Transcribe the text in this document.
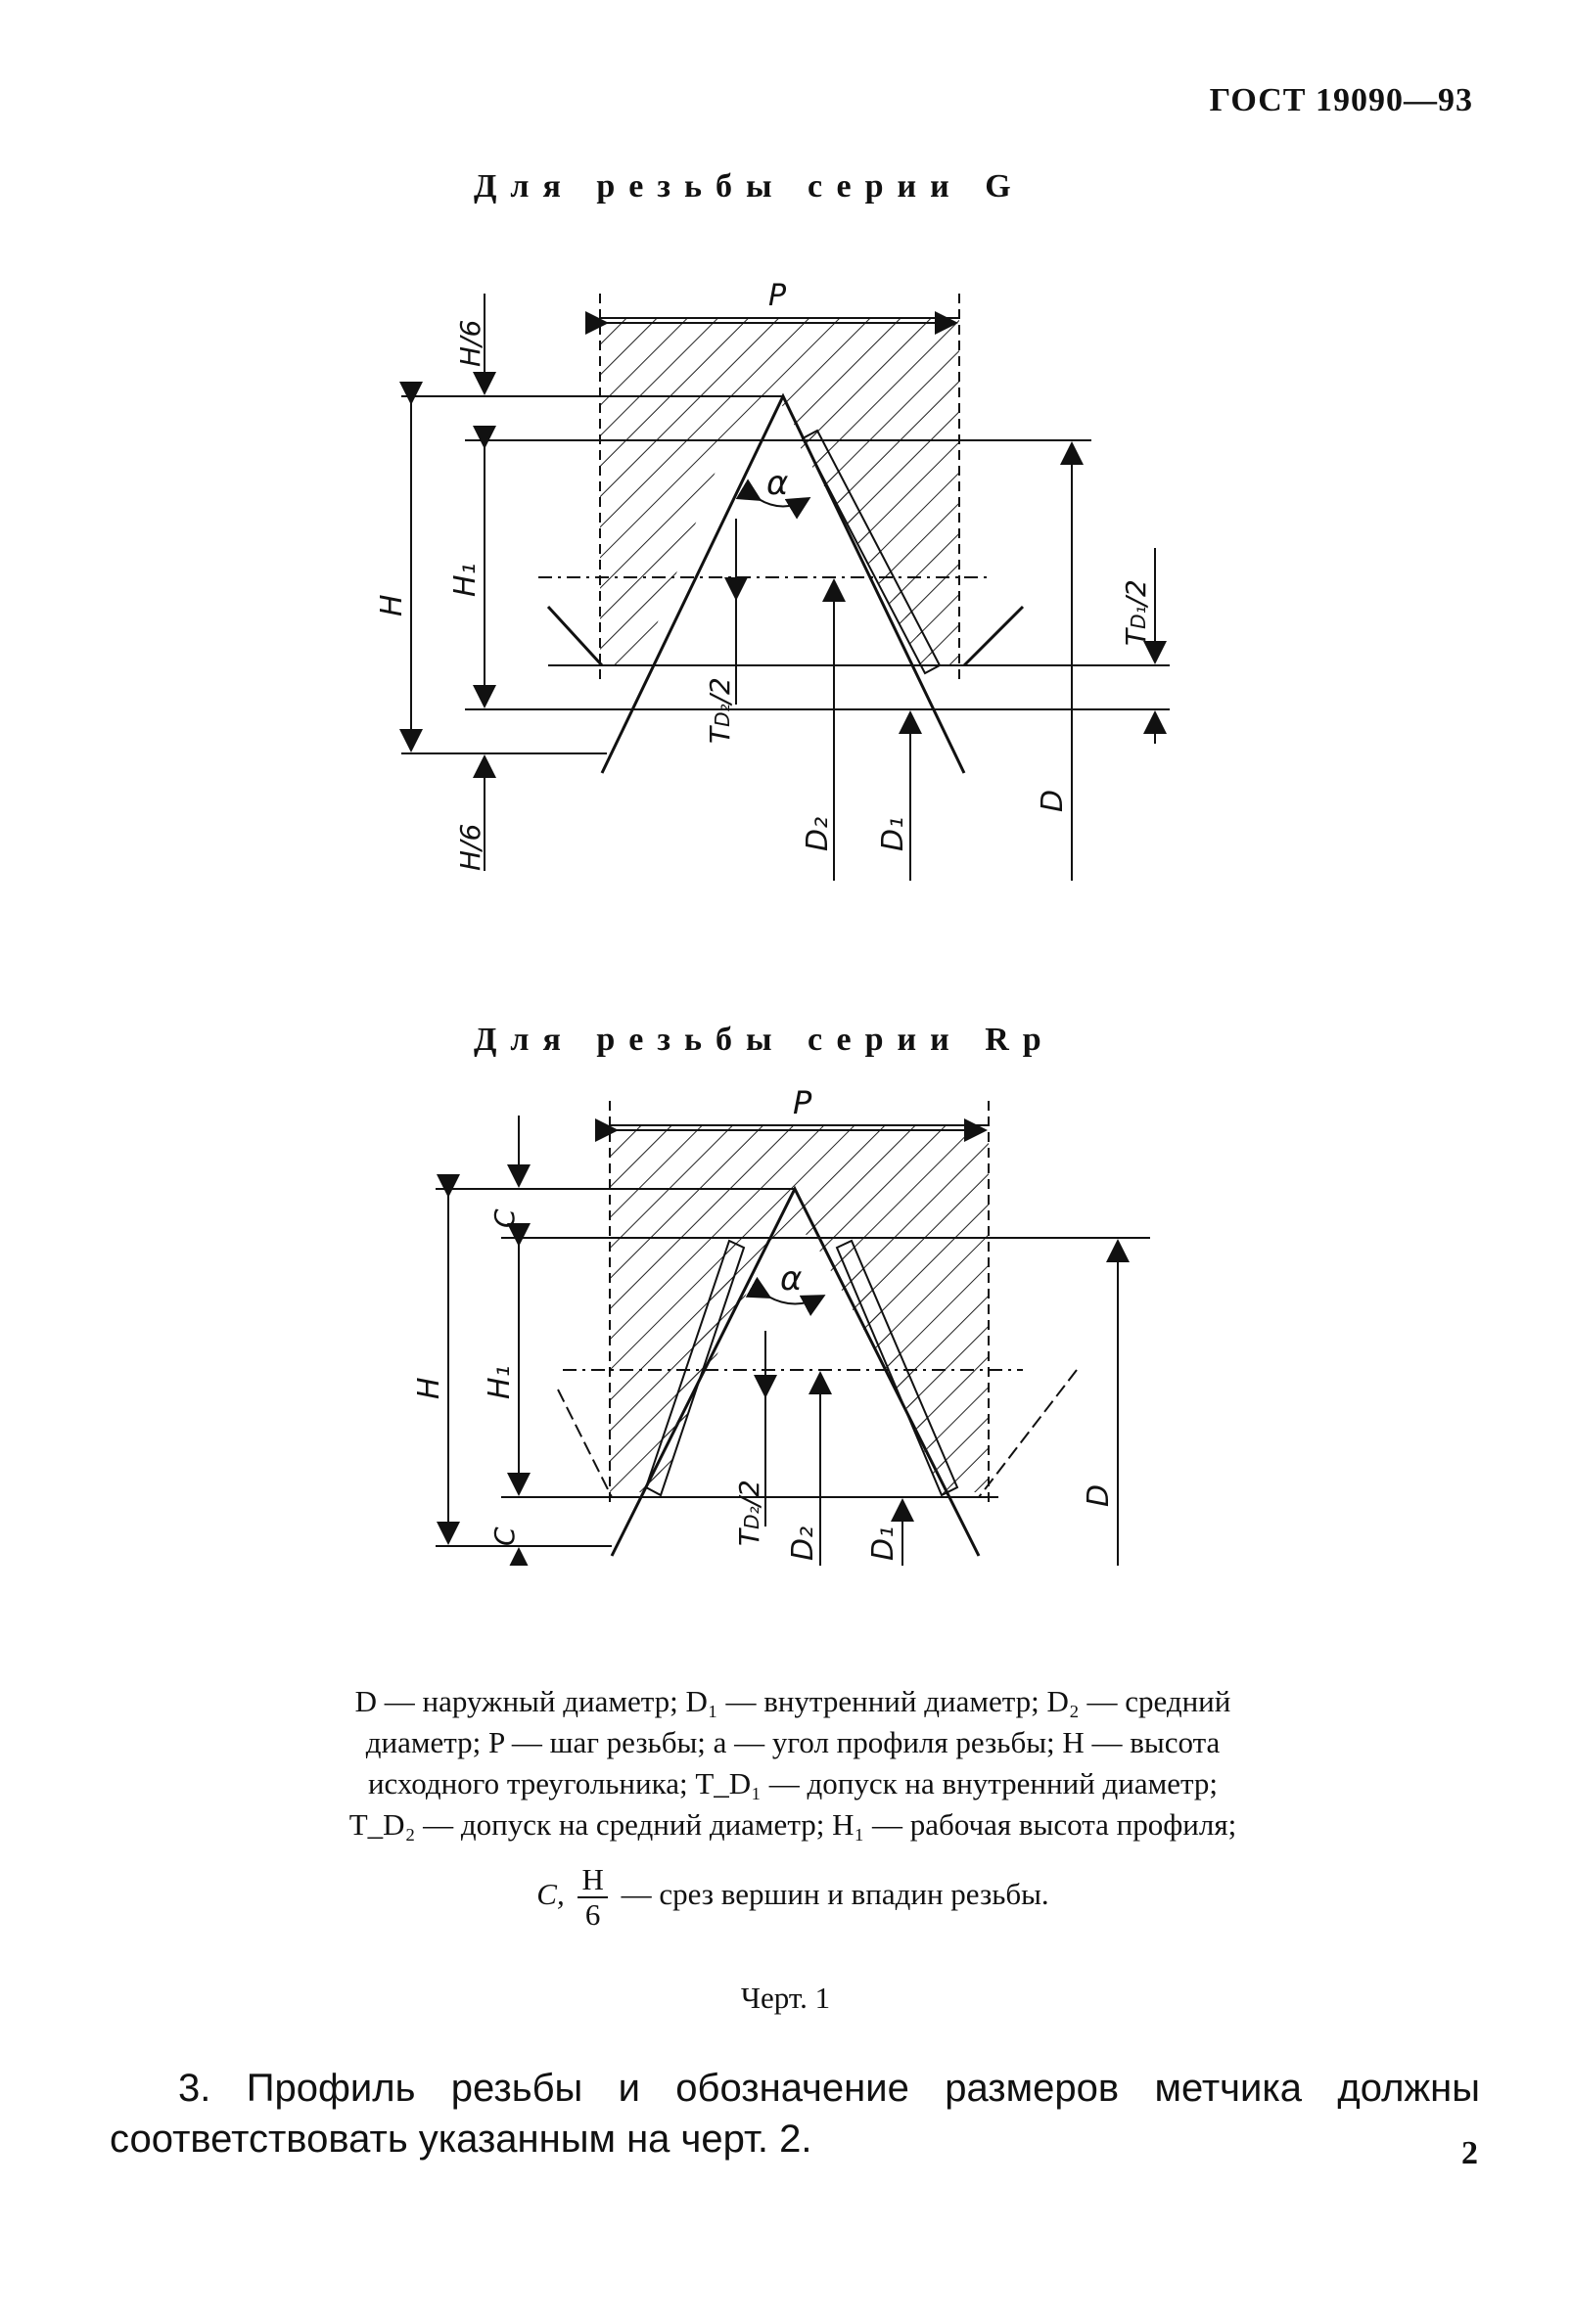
ГОСТ 19090—93
Для резьбы серии G
P
α
H/6
H
H₁
H/6
TD₂/2
TD₁/2
D₂ D₁
D
Для резьбы серии Rp
P
α
C
H H₁
C	TD₂/2
D₂ D₁
D

D — наружный диаметр; D₁ — внутренний диаметр; D₂ — средний

диаметр; P — шаг резьбы; a — угол профиля резьбы; H — высота

исходного треугольника; T_D₁ — допуск на внутренний диаметр;

T_D₂ — допуск на средний диаметр; H₁ — рабочая высота профиля;

C, $\frac{H}{6}$ — срез вершин и впадин резьбы.

Черт. 1

3. Профиль резьбы и обозначение размеров метчика должны соответствовать указанным на черт. 2.	2
